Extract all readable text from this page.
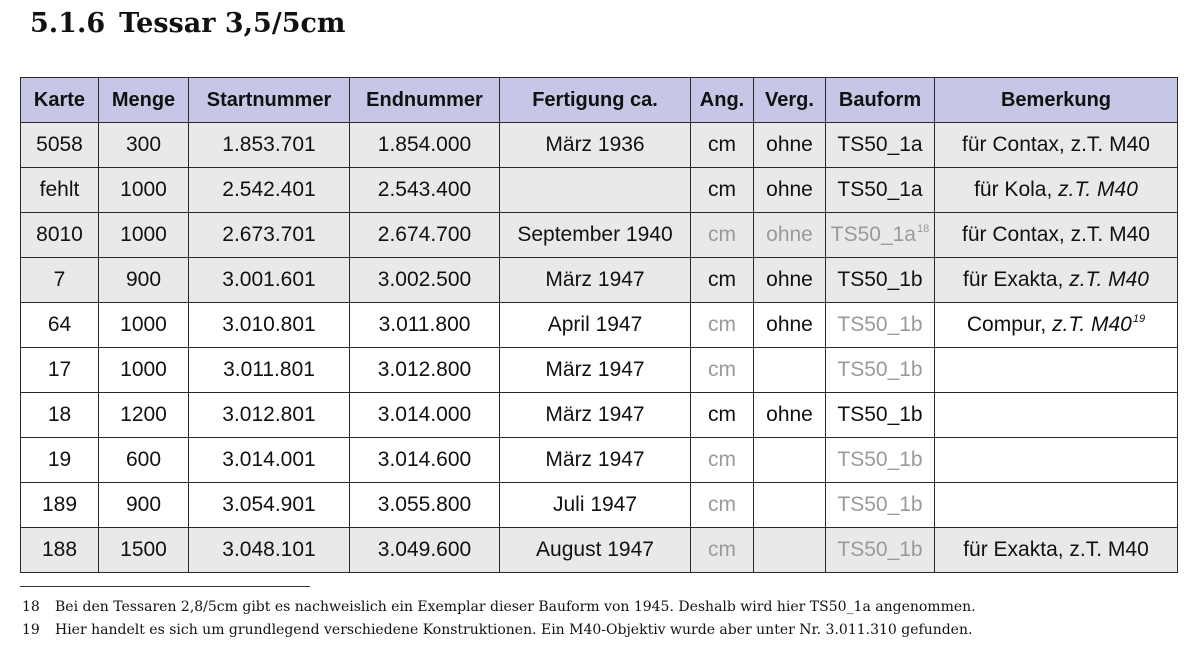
5.1.6 Tessar 3,5/5cm
Karte	Menge	Startnummer	Endnummer	Fertigung ca.	Ang.	Verg.	Bauform	Bemerkung
5058	300	1.853.701	1.854.000	März 1936	cm	ohne	TS50_1a	für Contax, z.T. M40
fehlt	1000	2.542.401	2.543.400		cm	ohne	TS50_1a	für Kola, z.T. M40
8010	1000	2.673.701	2.674.700	September 1940	cm	ohne	$TS50\_1a^{18}$	für Contax, z.T. M40
7	900	3.001.601	3.002.500	März 1947	cm	ohne	TS50_1b	für Exakta, z.T. M40
64	1000	3.010.801	3.011.800	April 1947	cm	ohne	TS50_1b	Compur, z.T. $M40^{19}$
17	1000	3.011.801	3.012.800	März 1947	cm		TS50_1b	
18	1200	3.012.801	3.014.000	März 1947	cm	ohne	TS50_1b	
19	600	3.014.001	3.014.600	März 1947	cm		TS50_1b	
189	900	3.054.901	3.055.800	Juli 1947	cm		TS50_1b	
188	1500	3.048.101	3.049.600	August 1947	cm		TS50_1b	für Exakta, z.T. M40
18 Bei den Tessaren 2,8/5cm gibt es nachweislich ein Exemplar dieser Bauform von 1945. Deshalb wird hier TS50_1a angenommen.
19 Hier handelt es sich um grundlegend verschiedene Konstruktionen. Ein M40-Objektiv wurde aber unter Nr. 3.011.310 gefunden.
